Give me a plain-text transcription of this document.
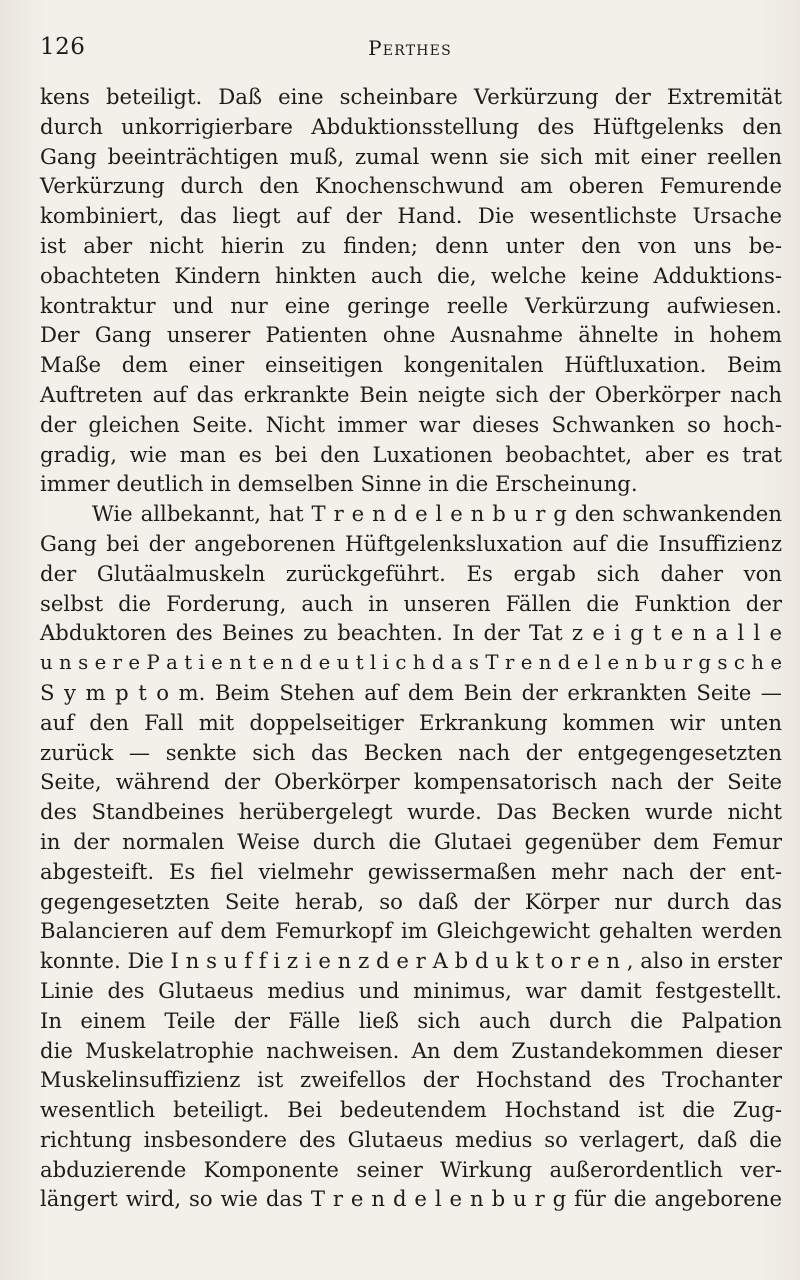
126	Perthes
kens beteiligt. Daß eine scheinbare Verkürzung der Extremität
durch unkorrigierbare Abduktionsstellung des Hüftgelenks den
Gang beeinträchtigen muß, zumal wenn sie sich mit einer reellen
Verkürzung durch den Knochenschwund am oberen Femurende
kombiniert, das liegt auf der Hand. Die wesentlichste Ursache
ist aber nicht hierin zu finden; denn unter den von uns be-
obachteten Kindern hinkten auch die, welche keine Adduktions-
kontraktur und nur eine geringe reelle Verkürzung aufwiesen.
Der Gang unserer Patienten ohne Ausnahme ähnelte in hohem
Maße dem einer einseitigen kongenitalen Hüftluxation. Beim
Auftreten auf das erkrankte Bein neigte sich der Oberkörper nach
der gleichen Seite. Nicht immer war dieses Schwanken so hoch-
gradig, wie man es bei den Luxationen beobachtet, aber es trat
immer deutlich in demselben Sinne in die Erscheinung.
Wie allbekannt, hat T r e n d e l e n b u r g den schwankenden
Gang bei der angeborenen Hüftgelenksluxation auf die Insuffizienz
der Glutäalmuskeln zurückgeführt. Es ergab sich daher von
selbst die Forderung, auch in unseren Fällen die Funktion der
Abduktoren des Beines zu beachten. In der Tat z e i g t e n a l l e
u n s e r e P a t i e n t e n d e u t l i c h d a s T r e n d e l e n b u r g s c h e
S y m p t o m. Beim Stehen auf dem Bein der erkrankten Seite —
auf den Fall mit doppelseitiger Erkrankung kommen wir unten
zurück — senkte sich das Becken nach der entgegengesetzten
Seite, während der Oberkörper kompensatorisch nach der Seite
des Standbeines herübergelegt wurde. Das Becken wurde nicht
in der normalen Weise durch die Glutaei gegenüber dem Femur
abgesteift. Es fiel vielmehr gewissermaßen mehr nach der ent-
gegengesetzten Seite herab, so daß der Körper nur durch das
Balancieren auf dem Femurkopf im Gleichgewicht gehalten werden
konnte. Die I n s u f f i z i e n z d e r A b d u k t o r e n , also in erster
Linie des Glutaeus medius und minimus, war damit festgestellt.
In einem Teile der Fälle ließ sich auch durch die Palpation
die Muskelatrophie nachweisen. An dem Zustandekommen dieser
Muskelinsuffizienz ist zweifellos der Hochstand des Trochanter
wesentlich beteiligt. Bei bedeutendem Hochstand ist die Zug-
richtung insbesondere des Glutaeus medius so verlagert, daß die
abduzierende Komponente seiner Wirkung außerordentlich ver-
längert wird, so wie das T r e n d e l e n b u r g für die angeborene
